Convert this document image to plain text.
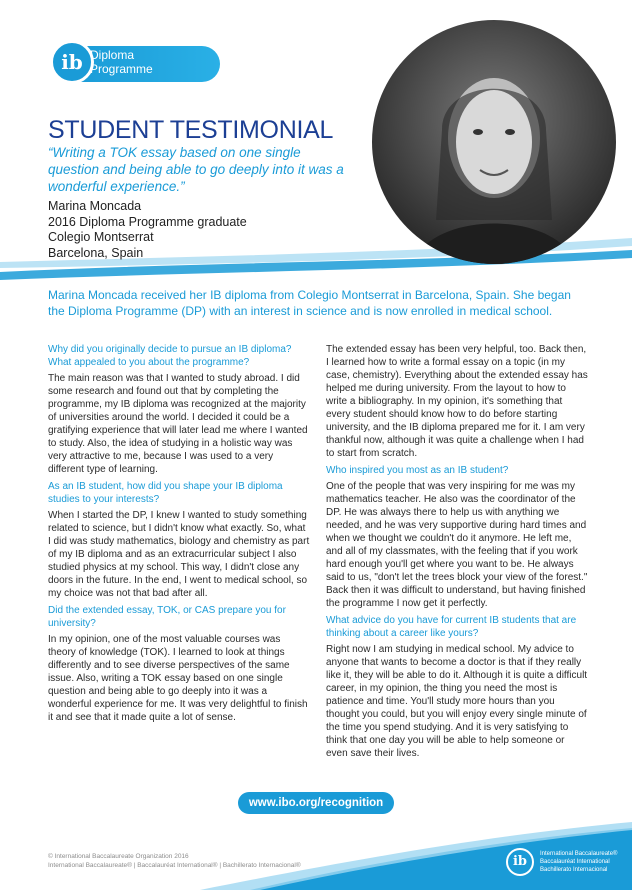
ib Diploma
Programme
STUDENT TESTIMONIAL
“Writing a TOK essay based on one single question and being able to go deeply into it was a wonderful experience.”
Marina Moncada
2016 Diploma Programme graduate
Colegio Montserrat
Barcelona, Spain
Marina Moncada received her IB diploma from Colegio Montserrat in Barcelona, Spain. She began the Diploma Programme (DP) with an interest in science and is now enrolled in medical school.
Why did you originally decide to pursue an IB diploma? What appealed to you about the programme?
The main reason was that I wanted to study abroad. I did some research and found out that by completing the programme, my IB diploma was recognized at the majority of universities around the world. I decided it could be a gratifying experience that will later lead me where I wanted to study. Also, the idea of studying in a holistic way was very attractive to me, because I was used to a very different type of learning.
As an IB student, how did you shape your IB diploma studies to your interests?
When I started the DP, I knew I wanted to study something related to science, but I didn't know what exactly. So, what I did was study mathematics, biology and chemistry as part of my IB diploma and as an extracurricular subject I also studied physics at my school. This way, I didn't close any doors in the future. In the end, I went to medical school, so my choice was not that bad after all.
Did the extended essay, TOK, or CAS prepare you for university?
In my opinion, one of the most valuable courses was theory of knowledge (TOK). I learned to look at things differently and to see diverse perspectives of the same issue. Also, writing a TOK essay based on one single question and being able to go deeply into it was a wonderful experience for me. It was very delightful to finish it and see that it made quite a lot of sense.
The extended essay has been very helpful, too. Back then, I learned how to write a formal essay on a topic (in my case, chemistry). Everything about the extended essay has helped me during university. From the layout to how to write a bibliography. In my opinion, it's something that every student should know how to do before starting university, and the IB diploma prepared me for it. I am very thankful now, although it was quite a challenge when I had to start from scratch.
Who inspired you most as an IB student?
One of the people that was very inspiring for me was my mathematics teacher. He also was the coordinator of the DP. He was always there to help us with anything we needed, and he was very supportive during hard times and when we thought we couldn't do it anymore. He left me, and all of my classmates, with the feeling that if you work hard enough you'll get where you want to be. He always said to us, "don't let the trees block your view of the forest." Back then it was difficult to understand, but having finished the programme I now get it perfectly.
What advice do you have for current IB students that are thinking about a career like yours?
Right now I am studying in medical school. My advice to anyone that wants to become a doctor is that if they really like it, they will be able to do it. Although it is quite a difficult career, in my opinion, the thing you need the most is patience and time. You'll study more hours than you thought you could, but you will enjoy every single minute of the time you spend studying. And it is very satisfying to think that one day you will be able to help someone or even save their lives.
www.ibo.org/recognition
© International Baccalaureate Organization 2016
International Baccalaureate® | Baccalauréat International® | Bachillerato Internacional®	ib	International Baccalaureate®
Baccalauréat International
Bachillerato Internacional
